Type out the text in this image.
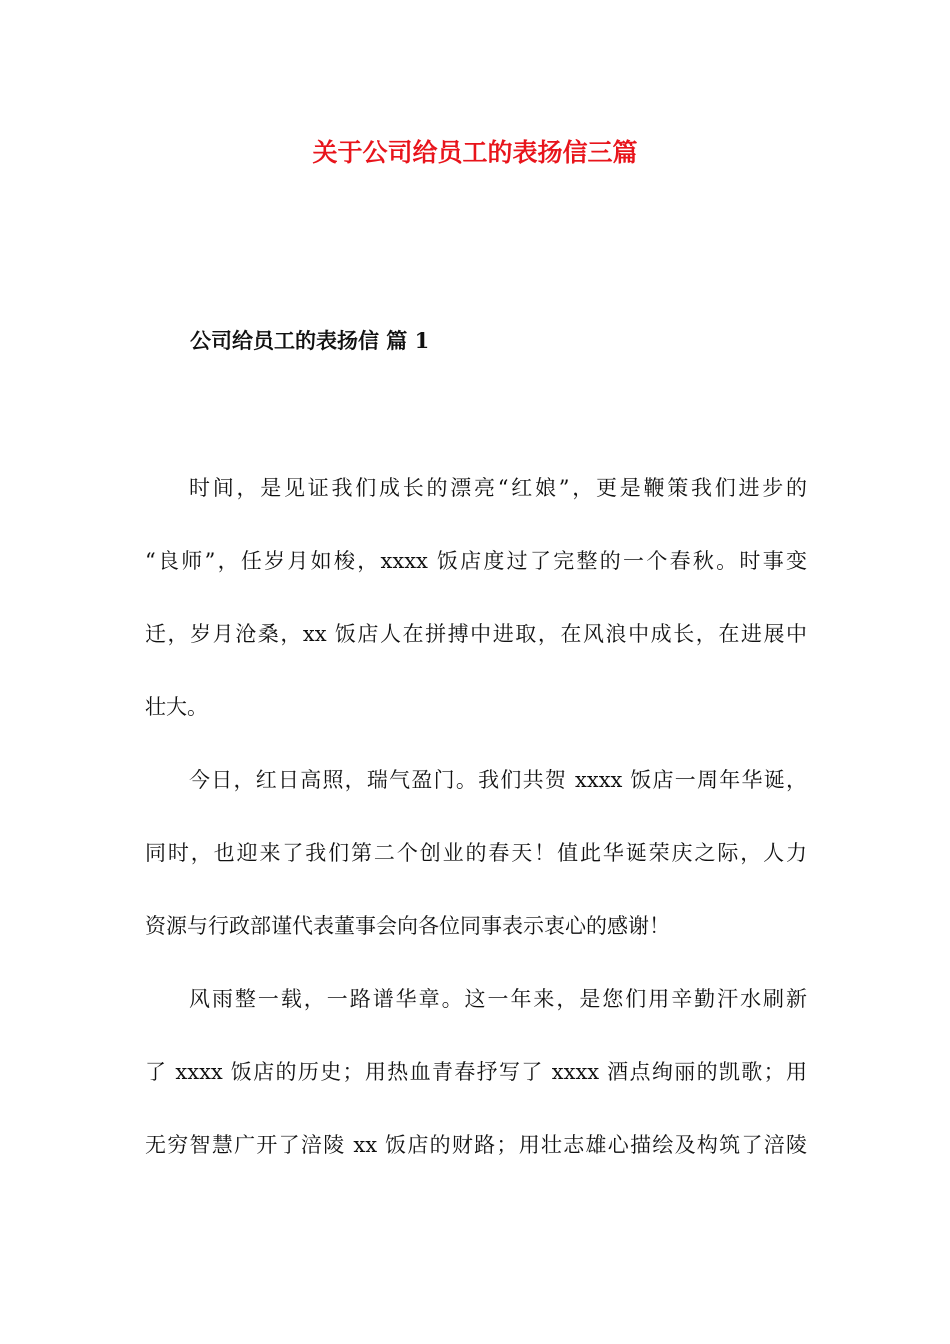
关于公司给员工的表扬信三篇
公司给员工的表扬信 篇 1
时间，是见证我们成长的漂亮“红娘”，更是鞭策我们进步的
“良师”，任岁月如梭，xxxx 饭店度过了完整的一个春秋。时事变
迁，岁月沧桑，xx 饭店人在拼搏中进取，在风浪中成长，在进展中
壮大。
今日，红日高照，瑞气盈门。我们共贺 xxxx 饭店一周年华诞，
同时，也迎来了我们第二个创业的春天！值此华诞荣庆之际，人力
资源与行政部谨代表董事会向各位同事表示衷心的感谢！
风雨整一载，一路谱华章。这一年来，是您们用辛勤汗水刷新
了 xxxx 饭店的历史；用热血青春抒写了 xxxx 酒点绚丽的凯歌；用
无穷智慧广开了涪陵 xx 饭店的财路；用壮志雄心描绘及构筑了涪陵
